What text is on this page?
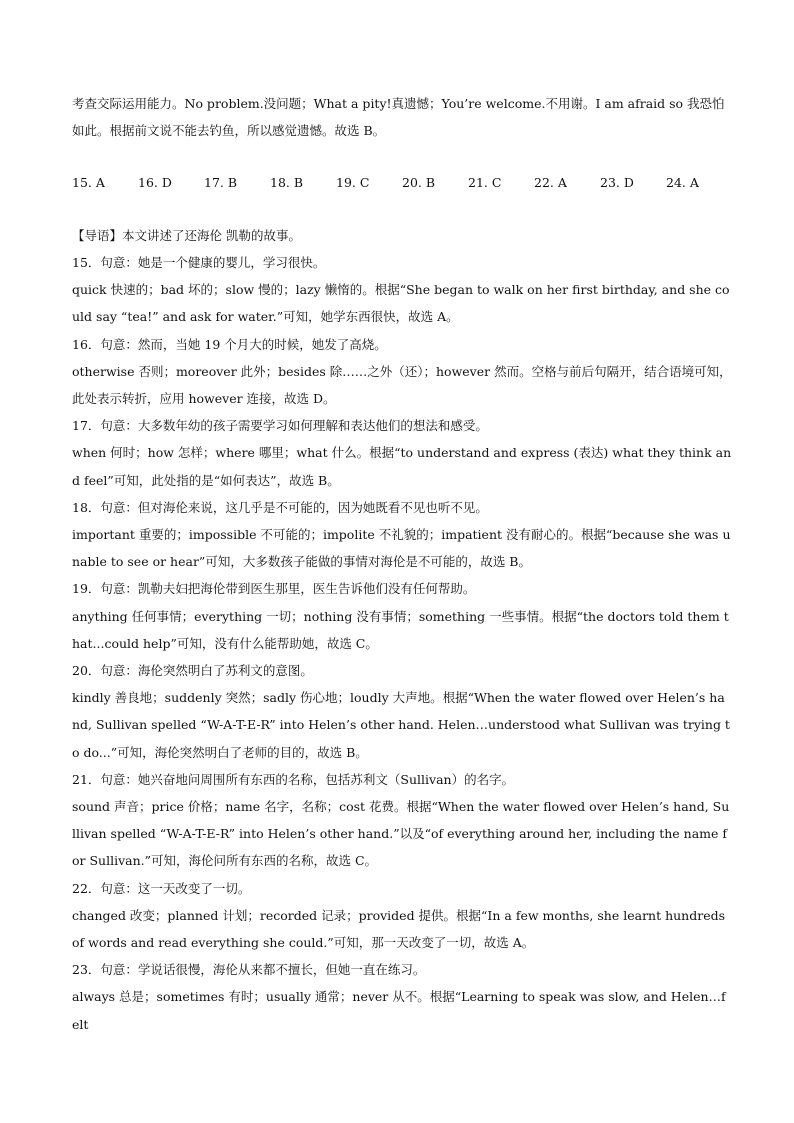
考查交际运用能力。No problem.没问题；What a pity!真遗憾；You’re welcome.不用谢。I am afraid so 我恐怕如此。根据前文说不能去钓鱼，所以感觉遗憾。故选 B。
15. A	16. D	17. B	18. B	19. C	20. B	21. C	22. A	23. D	24. A
【导语】本文讲述了还海伦 凯勒的故事。
15．句意：她是一个健康的婴儿，学习很快。
quick 快速的；bad 坏的；slow 慢的；lazy 懒惰的。根据“She began to walk on her first birthday, and she could say “tea!” and ask for water.”可知，她学东西很快，故选 A。
16．句意：然而，当她 19 个月大的时候，她发了高烧。
otherwise 否则；moreover 此外；besides 除……之外（还）；however 然而。空格与前后句隔开，结合语境可知，此处表示转折，应用 however 连接，故选 D。
17．句意：大多数年幼的孩子需要学习如何理解和表达他们的想法和感受。
when 何时；how 怎样；where 哪里；what 什么。根据“to understand and express (表达) what they think and feel”可知，此处指的是“如何表达”，故选 B。
18．句意：但对海伦来说，这几乎是不可能的，因为她既看不见也听不见。
important 重要的；impossible 不可能的；impolite 不礼貌的；impatient 没有耐心的。根据“because she was unable to see or hear”可知，大多数孩子能做的事情对海伦是不可能的，故选 B。
19．句意：凯勒夫妇把海伦带到医生那里，医生告诉他们没有任何帮助。
anything 任何事情；everything 一切；nothing 没有事情；something 一些事情。根据“the doctors told them that...could help”可知，没有什么能帮助她，故选 C。
20．句意：海伦突然明白了苏利文的意图。
kindly 善良地；suddenly 突然；sadly 伤心地；loudly 大声地。根据“When the water flowed over Helen’s hand, Sullivan spelled “W-A-T-E-R” into Helen’s other hand. Helen…understood what Sullivan was trying to do...”可知，海伦突然明白了老师的目的，故选 B。
21．句意：她兴奋地问周围所有东西的名称，包括苏利文（Sullivan）的名字。
sound 声音；price 价格；name 名字，名称；cost 花费。根据“When the water flowed over Helen’s hand, Sullivan spelled “W-A-T-E-R” into Helen’s other hand.”以及“of everything around her, including the name for Sullivan.”可知，海伦问所有东西的名称，故选 C。
22．句意：这一天改变了一切。
changed 改变；planned 计划；recorded 记录；provided 提供。根据“In a few months, she learnt hundreds of words and read everything she could.”可知，那一天改变了一切，故选 A。
23．句意：学说话很慢，海伦从来都不擅长，但她一直在练习。
always 总是；sometimes 有时；usually 通常；never 从不。根据“Learning to speak was slow, and Helen…felt
